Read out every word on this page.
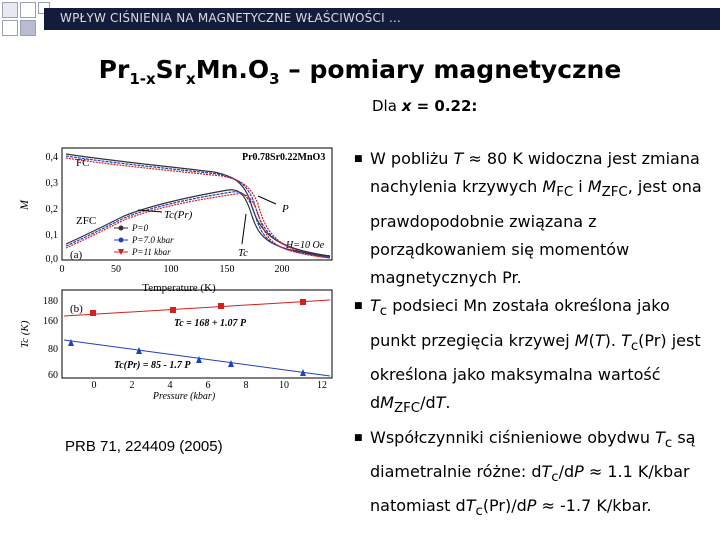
WPŁYW CIŚNIENIA NA MAGNETYCZNE WŁAŚCIWOŚCI …
$Pr_{1-x}Sr_xMn.O_3$ – pomiary magnetyczne
Dla x = 0.22:
0,4
0,3
0,2
0,1
0,0
0	50	100	150	200
Temperature (K)
M
Pr0.78Sr0.22MnO3
FC
ZFC
(a)
Tc(Pr)
Tc
P
H=10 Oe
P=0
P=7.0 kbar
P=11 kbar
180
160
80
60
0	2	4	6	8	10	12
Pressure (kbar)
Tc (K)
(b)
Tc = 168 + 1.07 P
Tc(Pr) = 85 - 1.7 P
PRB 71, 224409 (2005)
■ W pobliżu T ≈ 80 K widoczna jest zmiana nachylenia krzywych $M_{FC}$ i $M_{ZFC}$, jest ona prawdopodobnie związana z porządkowaniem się momentów magnetycznych Pr.
■ $T_c$ podsieci Mn została określona jako punkt przegięcia krzywej M(T). $T_c(Pr)$ jest określona jako maksymalna wartość $dM_{ZFC}/dT$.
■ Współczynniki ciśnieniowe obydwu $T_c$ są diametralnie różne: $dT_c/dP \approx 1.1$ K/kbar natomiast $dT_c(Pr)/dP \approx -1.7$ K/kbar.
